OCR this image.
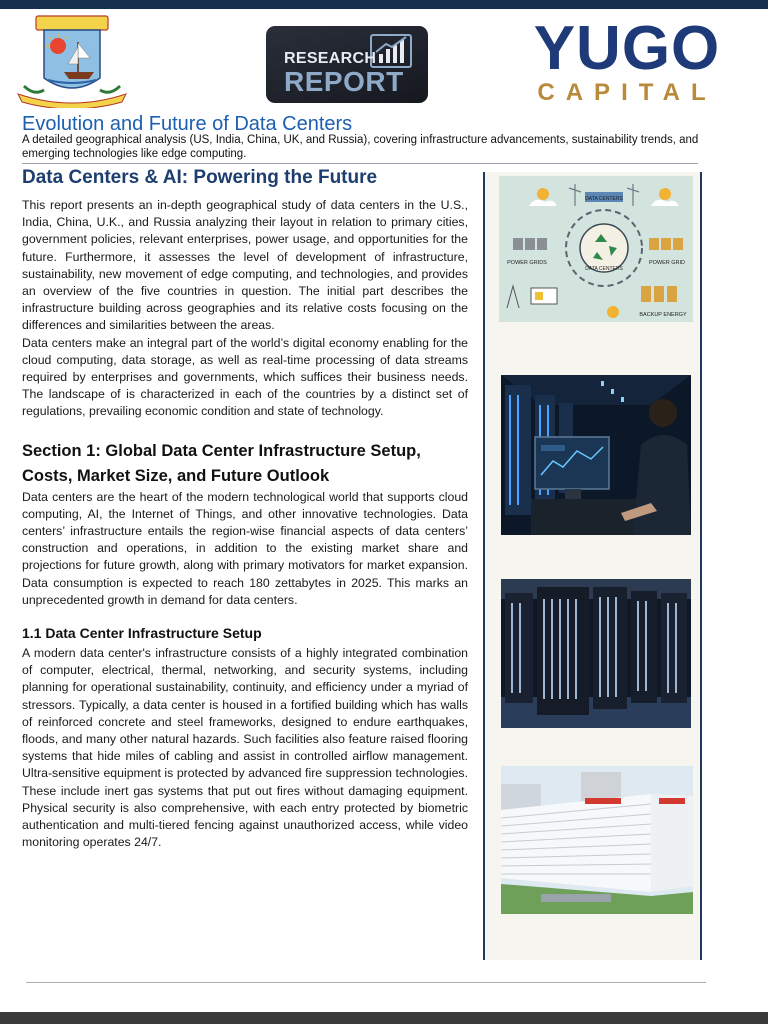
RESEARCH
REPORT	YUGO
CAPITAL
Evolution and Future of Data Centers
A detailed geographical analysis (US, India, China, UK, and Russia), covering infrastructure advancements, sustainability trends, and emerging technologies like edge computing.
Data Centers & AI: Powering the Future

This report presents an in-depth geographical study of data centers in the U.S., India, China, U.K., and Russia analyzing their layout in relation to primary cities, government policies, relevant enterprises, power usage, and opportunities for the future. Furthermore, it assesses the level of development of infrastructure, sustainability, new movement of edge computing, and technologies, and provides an overview of the five countries in question. The initial part describes the infrastructure building across geographies and its relative costs focusing on the differences and similarities between the areas.

Data centers make an integral part of the world’s digital economy enabling for the cloud computing, data storage, as well as real-time processing of data streams required by enterprises and governments, which suffices their business needs. The landscape of is characterized in each of the countries by a distinct set of regulations, prevailing economic condition and state of technology.

Section 1: Global Data Center Infrastructure Setup, Costs, Market Size, and Future Outlook

Data centers are the heart of the modern technological world that supports cloud computing, AI, the Internet of Things, and other innovative technologies. Data centers’ infrastructure entails the region-wise financial aspects of data centers’ construction and operations, in addition to the existing market share and projections for future growth, along with primary motivators for market expansion. Data consumption is expected to reach 180 zettabytes in 2025. This marks an unprecedented growth in demand for data centers.

1.1 Data Center Infrastructure Setup

A modern data center's infrastructure consists of a highly integrated combination of computer, electrical, thermal, networking, and security systems, including planning for operational sustainability, continuity, and efficiency under a myriad of stressors. Typically, a data center is housed in a fortified building which has walls of reinforced concrete and steel frameworks, designed to endure earthquakes, floods, and many other natural hazards. Such facilities also feature raised flooring systems that hide miles of cabling and assist in controlled airflow management. Ultra-sensitive equipment is protected by advanced fire suppression technologies. These include inert gas systems that put out fires without damaging equipment. Physical security is also comprehensive, with each entry protected by biometric authentication and multi-tiered fencing against unauthorized access, while video monitoring operates 24/7.

DATA CENTERS
DATA CENTERS
POWER GRIDS	POWER GRID
BACKUP ENERGY
